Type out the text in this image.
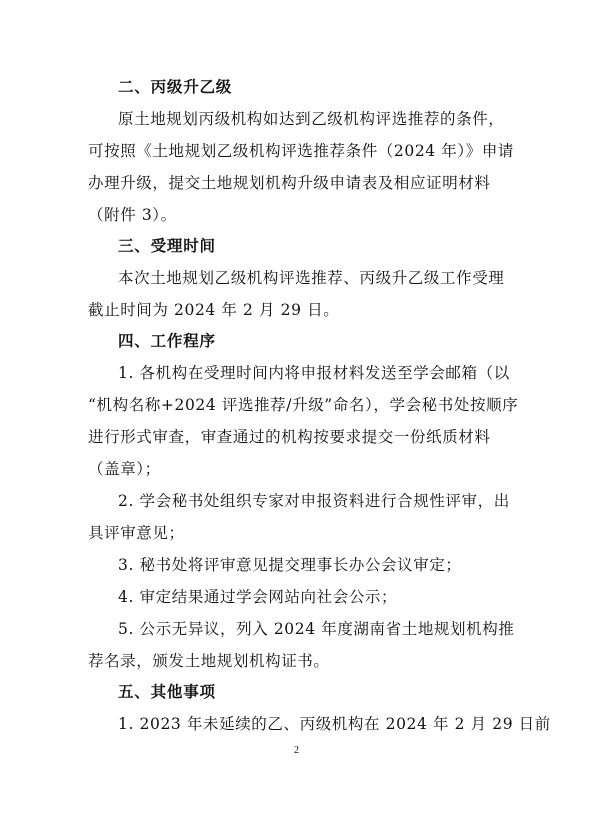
二、丙级升乙级
原土地规划丙级机构如达到乙级机构评选推荐的条件，
可按照《土地规划乙级机构评选推荐条件（2024 年）》申请
办理升级，提交土地规划机构升级申请表及相应证明材料
（附件 3）。
三、受理时间
本次土地规划乙级机构评选推荐、丙级升乙级工作受理
截止时间为 2024 年 2 月 29 日。
四、工作程序
1. 各机构在受理时间内将申报材料发送至学会邮箱（以
“机构名称+2024 评选推荐/升级”命名），学会秘书处按顺序
进行形式审查，审查通过的机构按要求提交一份纸质材料
（盖章）；
2. 学会秘书处组织专家对申报资料进行合规性评审，出
具评审意见；
3. 秘书处将评审意见提交理事长办公会议审定；
4. 审定结果通过学会网站向社会公示；
5. 公示无异议，列入 2024 年度湖南省土地规划机构推
荐名录，颁发土地规划机构证书。
五、其他事项
1. 2023 年未延续的乙、丙级机构在 2024 年 2 月 29 日前
2
